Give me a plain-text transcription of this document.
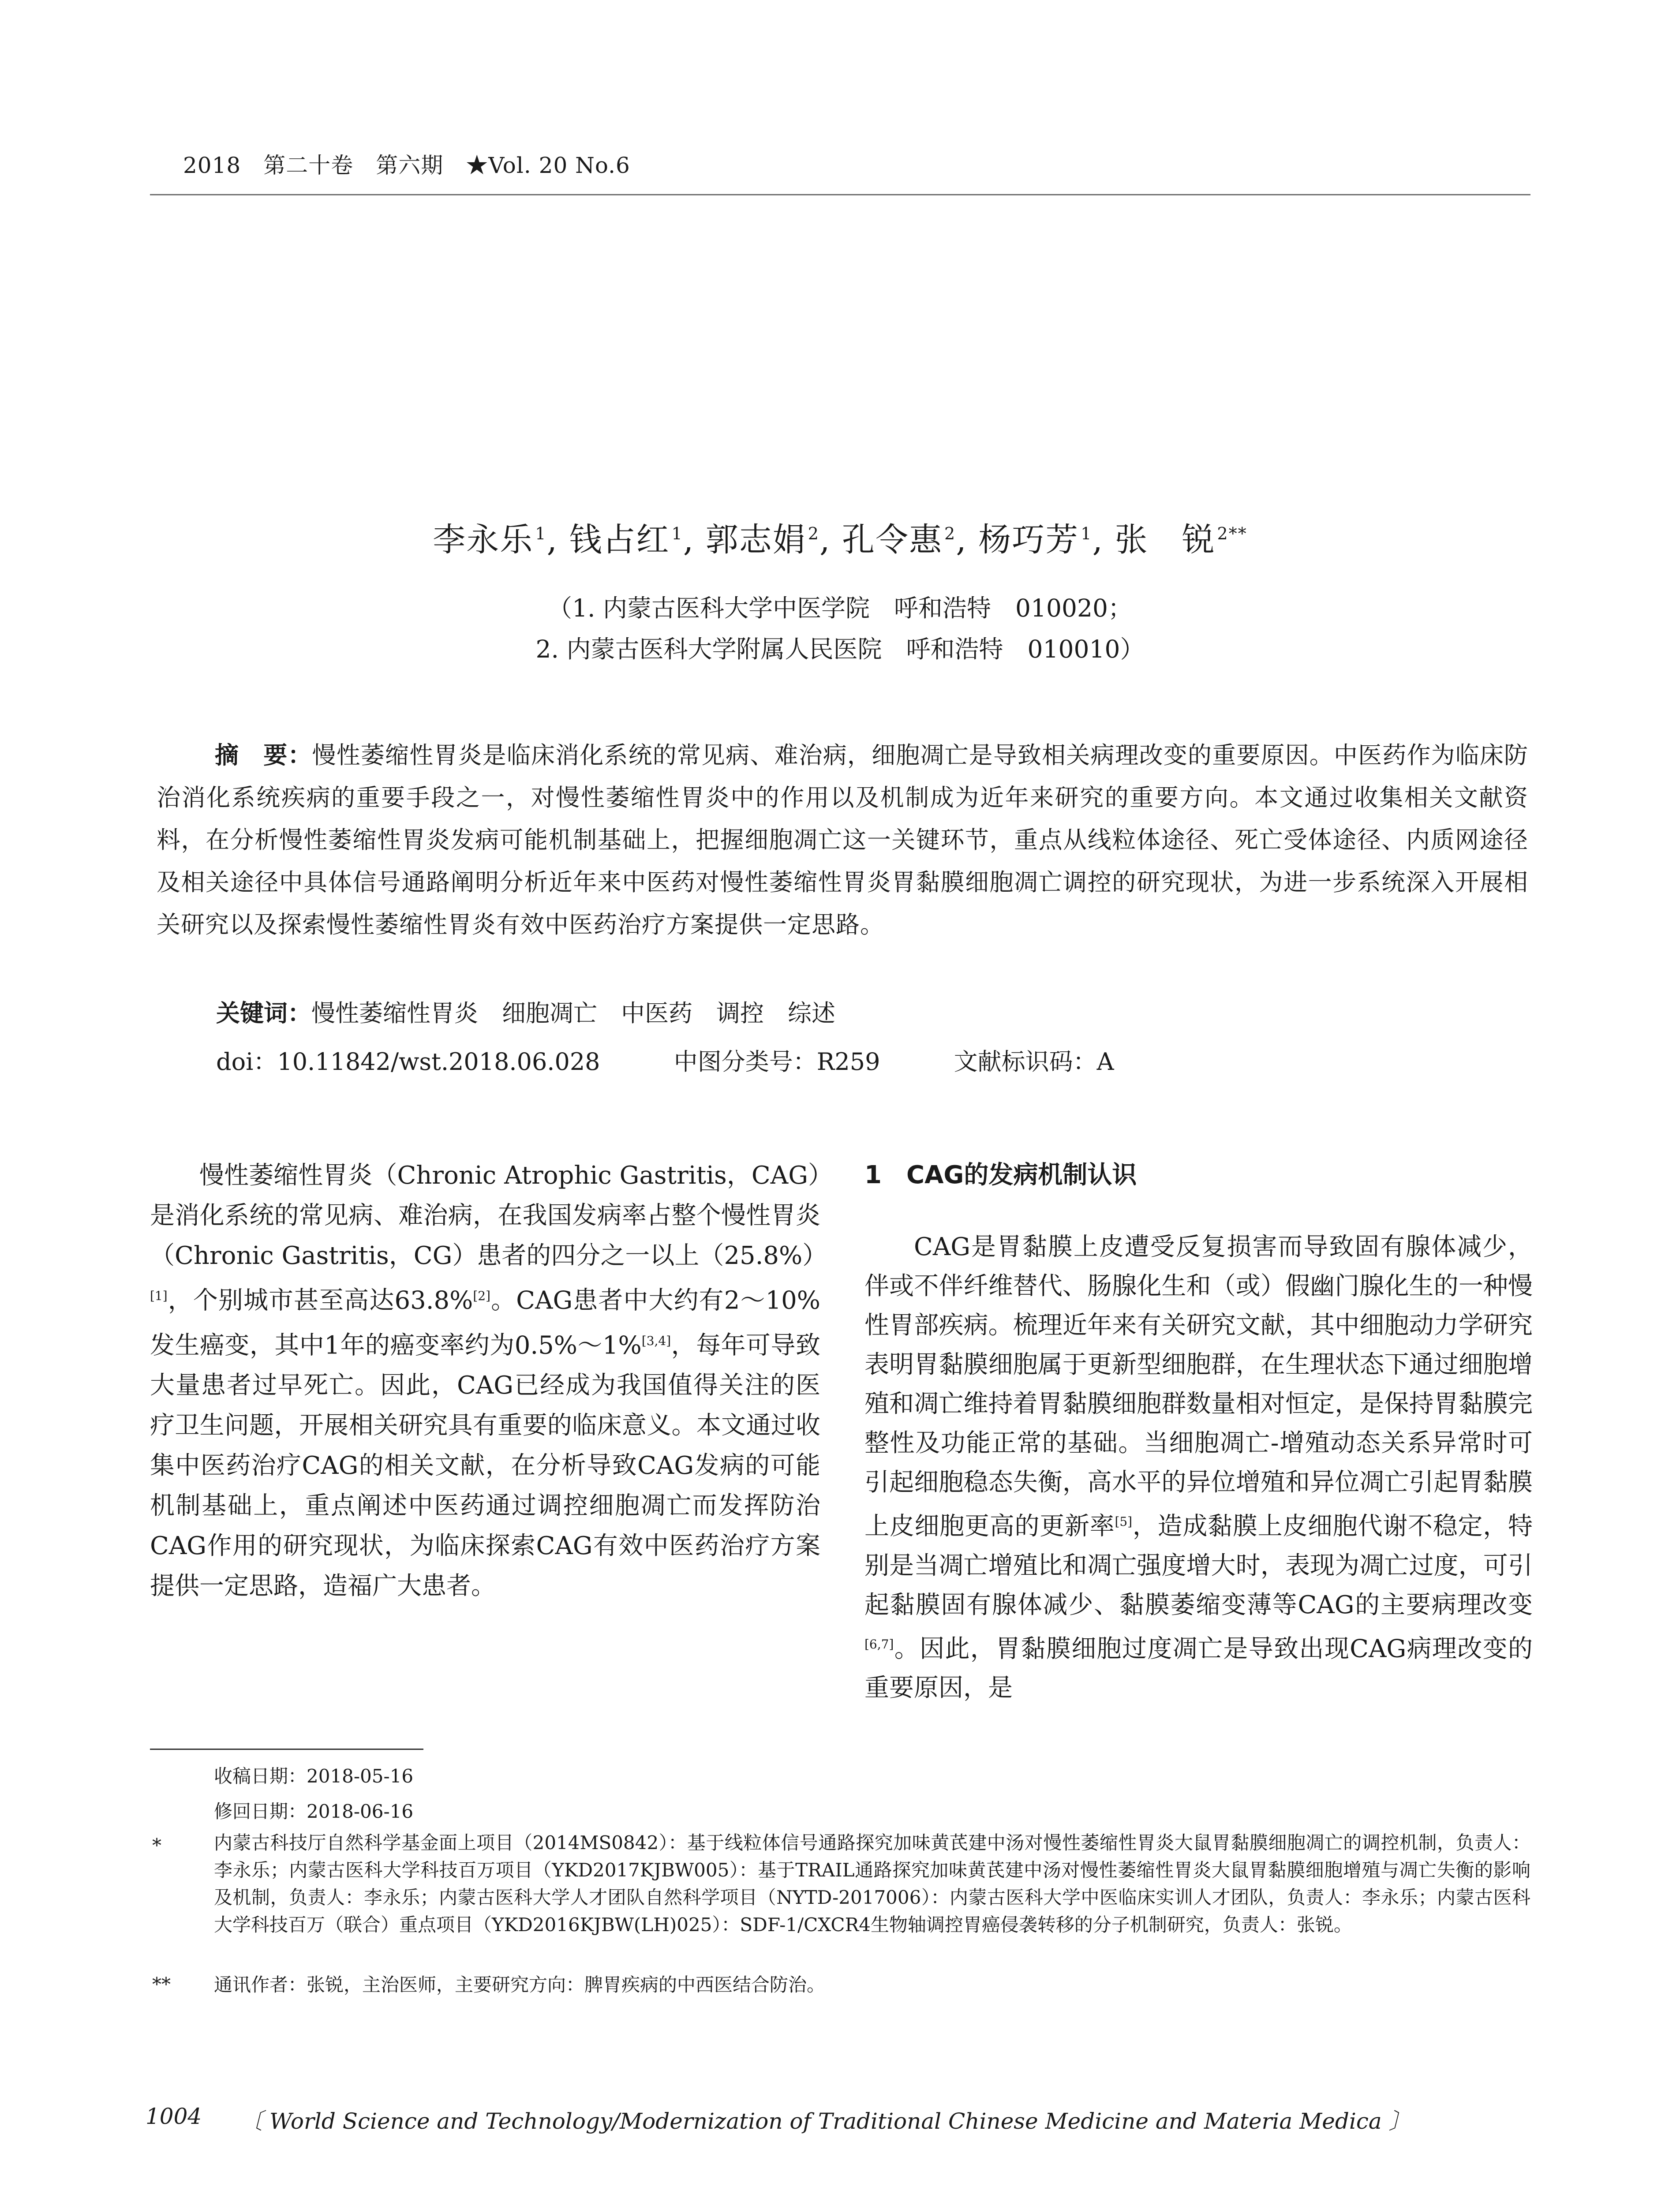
2018　第二十卷　第六期　★Vol. 20 No.6
李永乐 $^1$, 钱占红 $^1$, 郭志娟 $^2$, 孔令惠 $^2$, 杨巧芳 $^1$, 张　锐 $^{2**}$
（1. 内蒙古医科大学中医学院　呼和浩特　010020；
2. 内蒙古医科大学附属人民医院　呼和浩特　010010）
摘　要：慢性萎缩性胃炎是临床消化系统的常见病、难治病，细胞凋亡是导致相关病理改变的重要原因。中医药作为临床防治消化系统疾病的重要手段之一，对慢性萎缩性胃炎中的作用以及机制成为近年来研究的重要方向。本文通过收集相关文献资料，在分析慢性萎缩性胃炎发病可能机制基础上，把握细胞凋亡这一关键环节，重点从线粒体途径、死亡受体途径、内质网途径及相关途径中具体信号通路阐明分析近年来中医药对慢性萎缩性胃炎胃黏膜细胞凋亡调控的研究现状，为进一步系统深入开展相关研究以及探索慢性萎缩性胃炎有效中医药治疗方案提供一定思路。
关键词：慢性萎缩性胃炎　细胞凋亡　中医药　调控　综述
doi：10.11842/wst.2018.06.028	中图分类号：R259	文献标识码：A
慢性萎缩性胃炎（Chronic Atrophic Gastritis，CAG）是消化系统的常见病、难治病，在我国发病率占整个慢性胃炎（Chronic Gastritis，CG）患者的四分之一以上（25.8%）[1]，个别城市甚至高达63.8%[2]。CAG患者中大约有2～10%发生癌变，其中1年的癌变率约为0.5%～1%[3,4]，每年可导致大量患者过早死亡。因此，CAG已经成为我国值得关注的医疗卫生问题，开展相关研究具有重要的临床意义。本文通过收集中医药治疗CAG的相关文献，在分析导致CAG发病的可能机制基础上，重点阐述中医药通过调控细胞凋亡而发挥防治CAG作用的研究现状，为临床探索CAG有效中医药治疗方案提供一定思路，造福广大患者。
1　CAG的发病机制认识
CAG是胃黏膜上皮遭受反复损害而导致固有腺体减少，伴或不伴纤维替代、肠腺化生和（或）假幽门腺化生的一种慢性胃部疾病。梳理近年来有关研究文献，其中细胞动力学研究表明胃黏膜细胞属于更新型细胞群，在生理状态下通过细胞增殖和凋亡维持着胃黏膜细胞群数量相对恒定，是保持胃黏膜完整性及功能正常的基础。当细胞凋亡-增殖动态关系异常时可引起细胞稳态失衡，高水平的异位增殖和异位凋亡引起胃黏膜上皮细胞更高的更新率[5]，造成黏膜上皮细胞代谢不稳定，特别是当凋亡增殖比和凋亡强度增大时，表现为凋亡过度，可引起黏膜固有腺体减少、黏膜萎缩变薄等CAG的主要病理改变[6,7]。因此，胃黏膜细胞过度凋亡是导致出现CAG病理改变的重要原因，是
收稿日期：2018-05-16
修回日期：2018-06-16
*	内蒙古科技厅自然科学基金面上项目（2014MS0842）：基于线粒体信号通路探究加味黄芪建中汤对慢性萎缩性胃炎大鼠胃黏膜细胞凋亡的调控机制，负责人：李永乐；内蒙古医科大学科技百万项目（YKD2017KJBW005）：基于TRAIL通路探究加味黄芪建中汤对慢性萎缩性胃炎大鼠胃黏膜细胞增殖与凋亡失衡的影响及机制，负责人：李永乐；内蒙古医科大学人才团队自然科学项目（NYTD-2017006）：内蒙古医科大学中医临床实训人才团队，负责人：李永乐；内蒙古医科大学科技百万（联合）重点项目（YKD2016KJBW(LH)025）：SDF-1/CXCR4生物轴调控胃癌侵袭转移的分子机制研究，负责人：张锐。
** 通讯作者：张锐，主治医师，主要研究方向：脾胃疾病的中西医结合防治。
1004 〔 World Science and Technology/Modernization of Traditional Chinese Medicine and Materia Medica 〕
